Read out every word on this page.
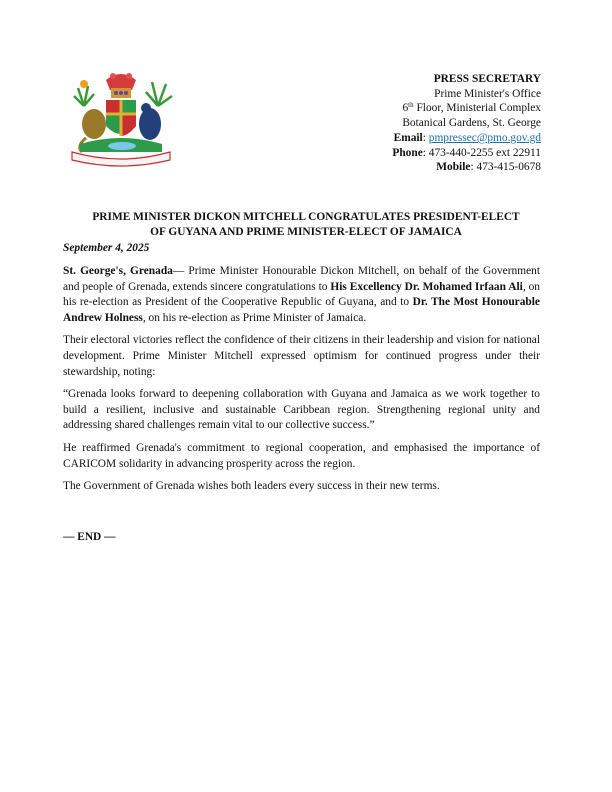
PRESS SECRETARY
Prime Minister's Office
6th Floor, Ministerial Complex
Botanical Gardens, St. George
Email: pmpressec@pmo.gov.gd
Phone: 473-440-2255 ext 22911
Mobile: 473-415-0678
PRIME MINISTER DICKON MITCHELL CONGRATULATES PRESIDENT-ELECT
OF GUYANA AND PRIME MINISTER-ELECT OF JAMAICA
September 4, 2025

St. George's, Grenada— Prime Minister Honourable Dickon Mitchell, on behalf of the Government and people of Grenada, extends sincere congratulations to His Excellency Dr. Mohamed Irfaan Ali, on his re-election as President of the Cooperative Republic of Guyana, and to Dr. The Most Honourable Andrew Holness, on his re-election as Prime Minister of Jamaica.

Their electoral victories reflect the confidence of their citizens in their leadership and vision for national development. Prime Minister Mitchell expressed optimism for continued progress under their stewardship, noting:

“Grenada looks forward to deepening collaboration with Guyana and Jamaica as we work together to build a resilient, inclusive and sustainable Caribbean region. Strengthening regional unity and addressing shared challenges remain vital to our collective success.”

He reaffirmed Grenada's commitment to regional cooperation, and emphasised the importance of CARICOM solidarity in advancing prosperity across the region.

The Government of Grenada wishes both leaders every success in their new terms.

— END —
